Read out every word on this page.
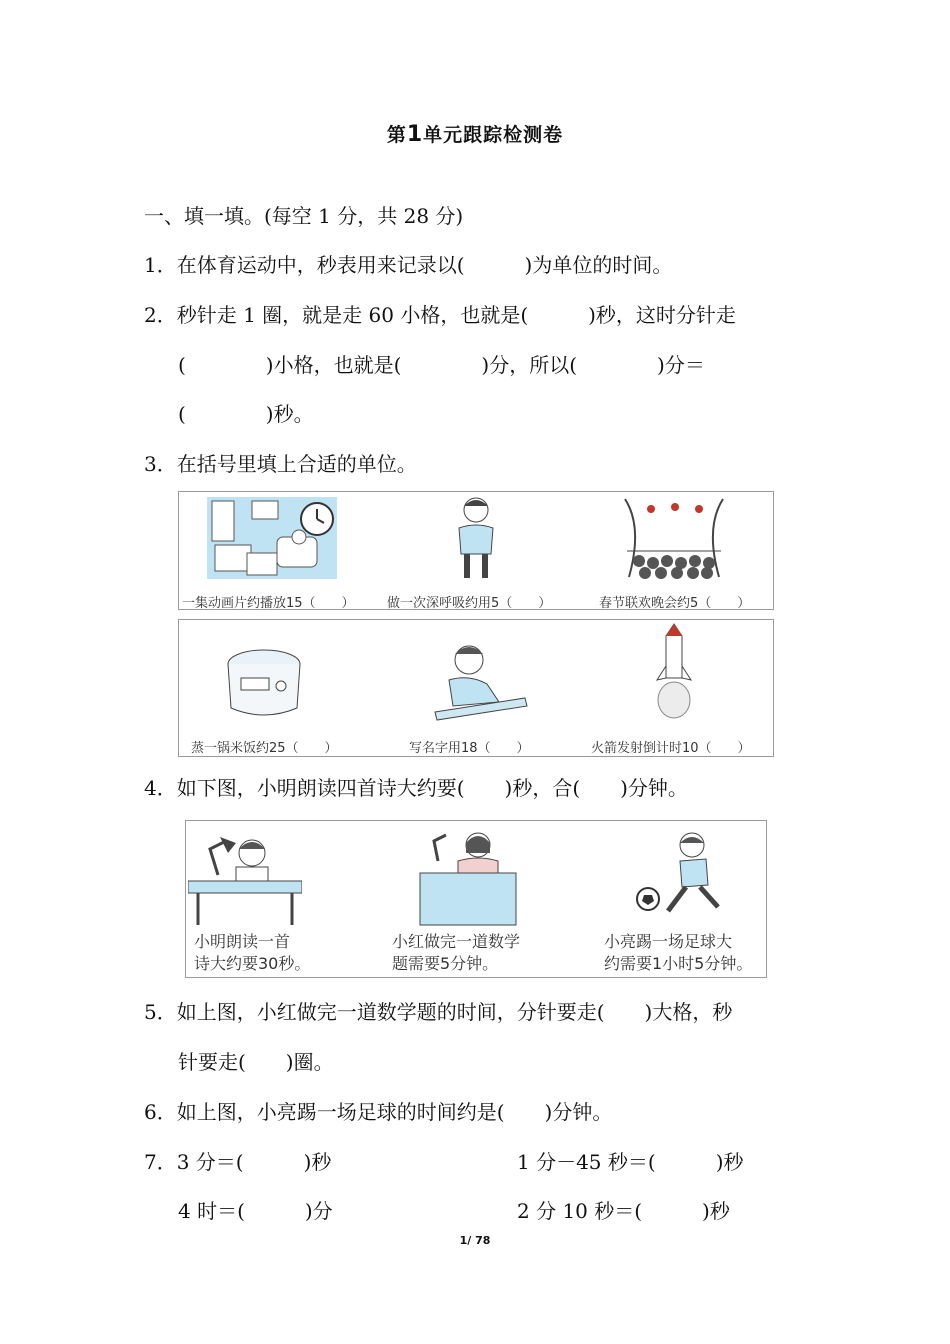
第1单元跟踪检测卷
一、填一填。(每空 1 分，共 28 分)
1．在体育运动中，秒表用来记录以(　　　)为单位的时间。
2．秒针走 1 圈，就是走 60 小格，也就是(　　　)秒，这时分针走
(　　　　)小格，也就是(　　　　)分，所以(　　　　)分＝
(　　　　)秒。
3．在括号里填上合适的单位。
一集动画片约播放15（　　） 做一次深呼吸约用5（　　）	春节联欢晚会约5（　　）
蒸一锅米饭约25（　　）	写名字用18（　　）	火箭发射倒计时10（　　）
4．如下图，小明朗读四首诗大约要(　　)秒，合(　　)分钟。
小明朗读一首
诗大约要30秒。
小红做完一道数学
题需要5分钟。
小亮踢一场足球大
约需要1小时5分钟。
5．如上图，小红做完一道数学题的时间，分针要走(　　)大格，秒
针要走(　　)圈。
6．如上图，小亮踢一场足球的时间约是(　　)分钟。
7．3 分＝(　　　)秒	1 分－45 秒＝(　　　)秒
4 时＝(　　　)分	2 分 10 秒＝(　　　)秒
1/ 78
